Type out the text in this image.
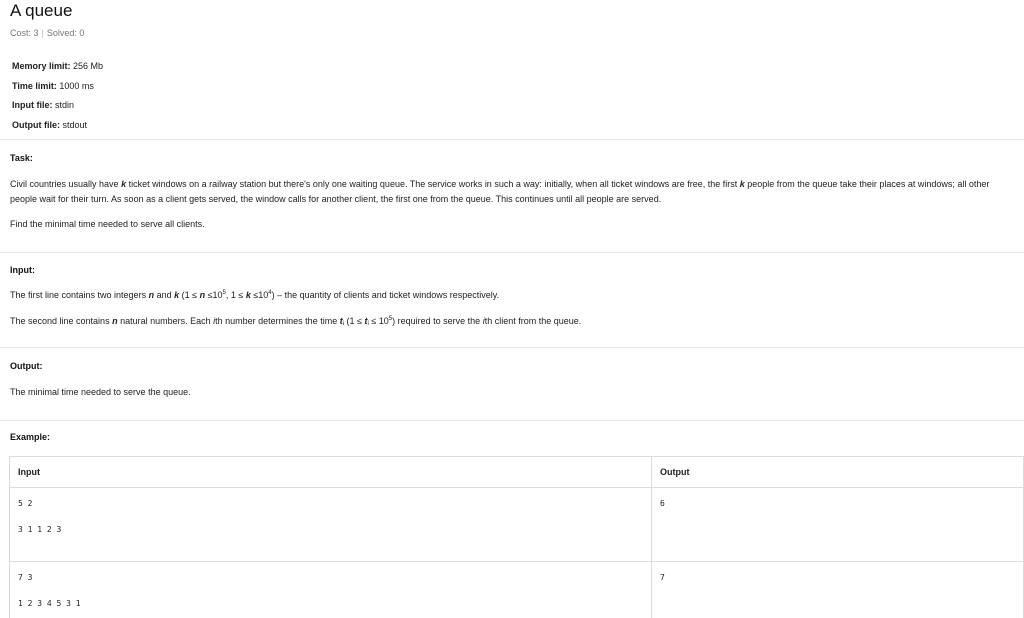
A queue
Cost: 3 | Solved: 0
Memory limit: 256 Mb
Time limit: 1000 ms
Input file: stdin
Output file: stdout
Task:
Civil countries usually have k ticket windows on a railway station but there's only one waiting queue. The service works in such a way: initially, when all ticket windows are free, the first k people from the queue take their places at windows; all other people wait for their turn. As soon as a client gets served, the window calls for another client, the first one from the queue. This continues until all people are served.
Find the minimal time needed to serve all clients.
Input:
The first line contains two integers n and k ($1 \le n \le 10^5$, $1 \le k \le 10^4$) – the quantity of clients and ticket windows respectively.
The second line contains n natural numbers. Each ith number determines the time $t_i$ $(1 \le t_i \le 10^5)$ required to serve the ith client from the queue.
Output:
The minimal time needed to serve the queue.
Example:
Input	Output

5 2
3 1 1 2 3	6

7 3
1 2 3 4 5 3 1	7
